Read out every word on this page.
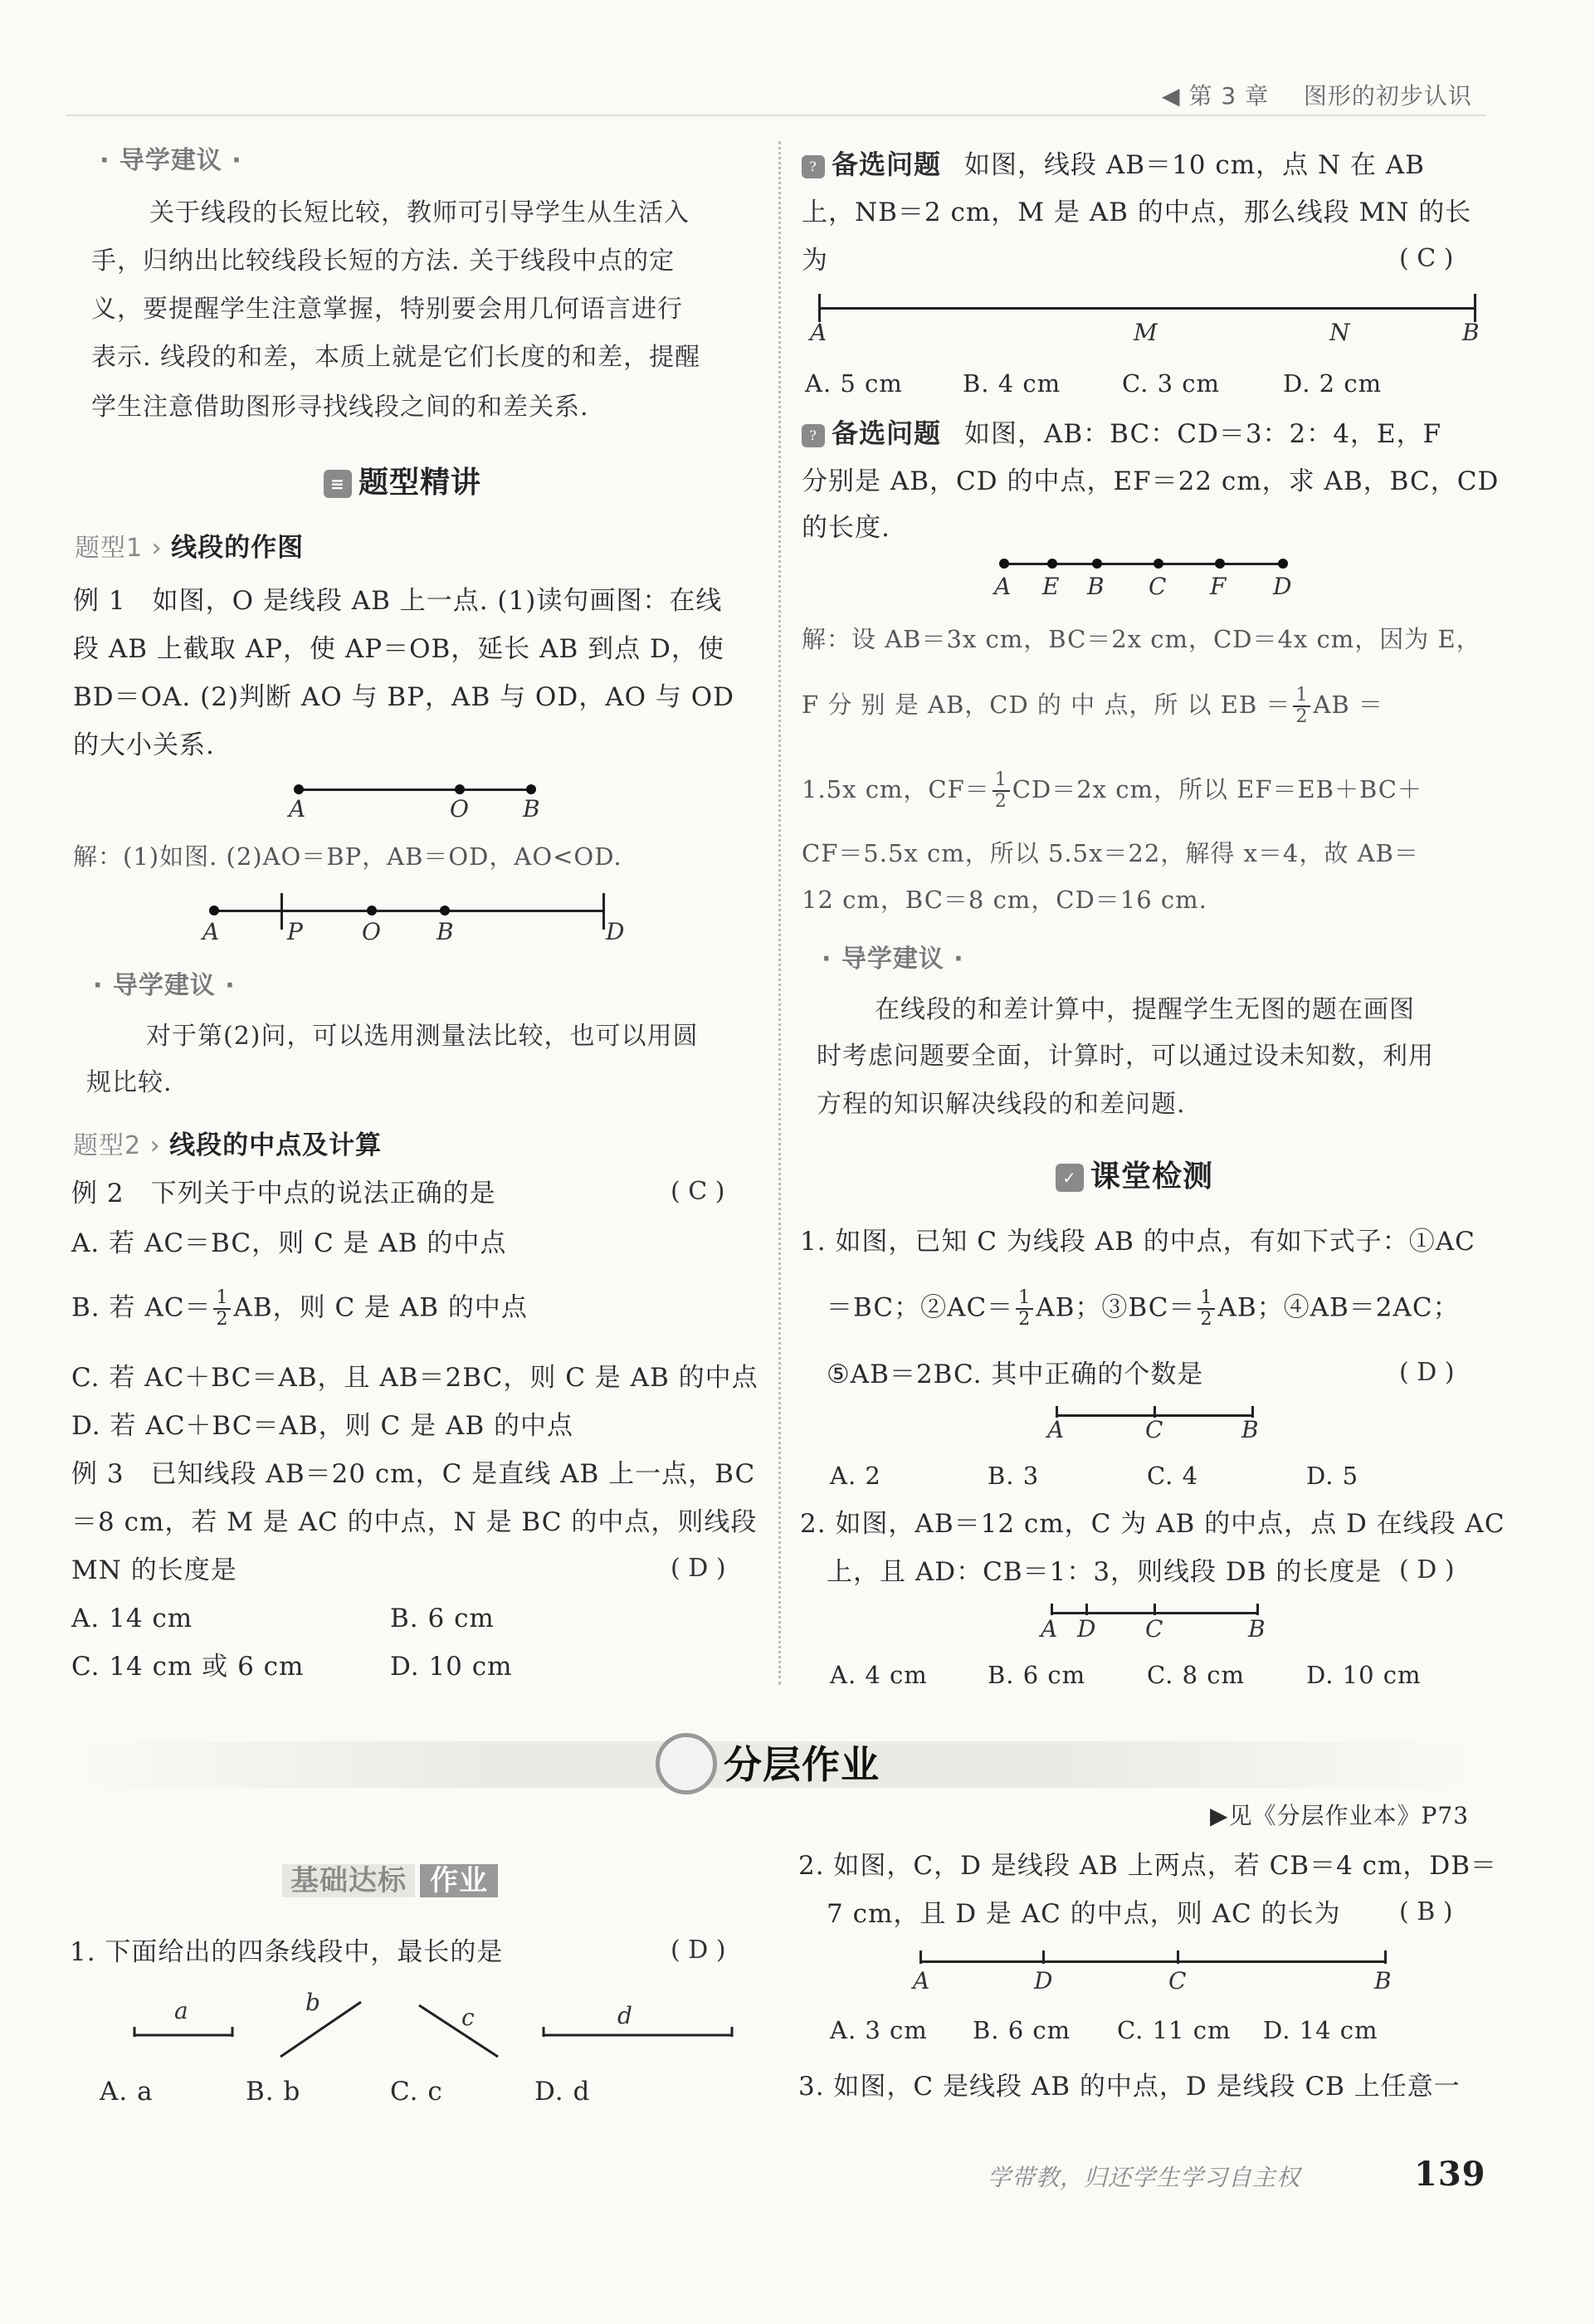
◀ 第 3 章 图形的初步认识
· 导学建议 ·
关于线段的长短比较，教师可引导学生从生活入
手，归纳出比较线段长短的方法. 关于线段中点的定
义，要提醒学生注意掌握，特别要会用几何语言进行
表示. 线段的和差，本质上就是它们长度的和差，提醒
学生注意借助图形寻找线段之间的和差关系.
≡ 题型精讲
题型1 › 线段的作图
例 1　如图，O 是线段 AB 上一点. (1)读句画图：在线
段 AB 上截取 AP，使 AP＝OB，延长 AB 到点 D，使
BD＝OA. (2)判断 AO 与 BP，AB 与 OD，AO 与 OD
的大小关系.
A	O B
解：(1)如图. (2)AO＝BP，AB＝OD，AO<OD.
A	P	O B	D
· 导学建议 ·
对于第(2)问，可以选用测量法比较，也可以用圆
规比较.
题型2 › 线段的中点及计算
例 2　下列关于中点的说法正确的是	( C )
A. 若 AC＝BC，则 C 是 AB 的中点
B. 若 $AC= \frac{1}{2}$ AB，则 C 是 AB 的中点
C. 若 AC＋BC＝AB，且 AB＝2BC，则 C 是 AB 的中点
D. 若 AC＋BC＝AB，则 C 是 AB 的中点
例 3　已知线段 AB＝20 cm，C 是直线 AB 上一点，BC
＝8 cm，若 M 是 AC 的中点，N 是 BC 的中点，则线段
MN 的长度是	( D )
A. 14 cm	B. 6 cm
C. 14 cm 或 6 cm	D. 10 cm
? 备选问题 如图，线段 AB＝10 cm，点 N 在 AB
上，NB＝2 cm，M 是 AB 的中点，那么线段 MN 的长
为	( C )
A	M	N	B
A. 5 cm B. 4 cm	C. 3 cm	D. 2 cm
? 备选问题 如图，AB：BC：CD＝3：2：4，E，F
分别是 AB，CD 的中点，EF＝22 cm，求 AB，BC，CD
的长度.
A E B C F D
解：设 AB＝3x cm，BC＝2x cm，CD＝4x cm，因为 E，
F 分 别 是 AB，CD 的 中 点，所 以 EB ＝ $\frac{1}{2}$ AB ＝
1.5x cm，$CF= \frac{1}{2} CD=2x$ cm，所以 EF＝EB＋BC＋
CF＝5.5x cm，所以 5.5x＝22，解得 x＝4，故 AB＝
12 cm，BC＝8 cm，CD＝16 cm.
· 导学建议 ·
在线段的和差计算中，提醒学生无图的题在画图
时考虑问题要全面，计算时，可以通过设未知数，利用
方程的知识解决线段的和差问题.
✓ 课堂检测
1. 如图，已知 C 为线段 AB 的中点，有如下式子：①AC
＝BC；②AC＝ $\frac{1}{2}$ AB；③BC＝ $\frac{1}{2}$ AB；④AB＝2AC；
⑤AB＝2BC. 其中正确的个数是	( D )
A	C	B
A. 2	B. 3	C. 4	D. 5
2. 如图，AB＝12 cm，C 为 AB 的中点，点 D 在线段 AC
上，且 AD：CB＝1：3，则线段 DB 的长度是 ( D )
A D C	B
A. 4 cm B. 6 cm	C. 8 cm	D. 10 cm
分层作业
▶见《分层作业本》P73
基础达标 作业
1. 下面给出的四条线段中，最长的是	( D )
a	b
c	d
A. a	B. b	C. c	D. d
2. 如图，C，D 是线段 AB 上两点，若 CB＝4 cm，DB＝
7 cm，且 D 是 AC 的中点，则 AC 的长为 ( B )
A	D	C	B
A. 3 cm B. 6 cm C. 11 cm D. 14 cm
3. 如图，C 是线段 AB 的中点，D 是线段 CB 上任意一
学带教，归还学生学习自主权	139
